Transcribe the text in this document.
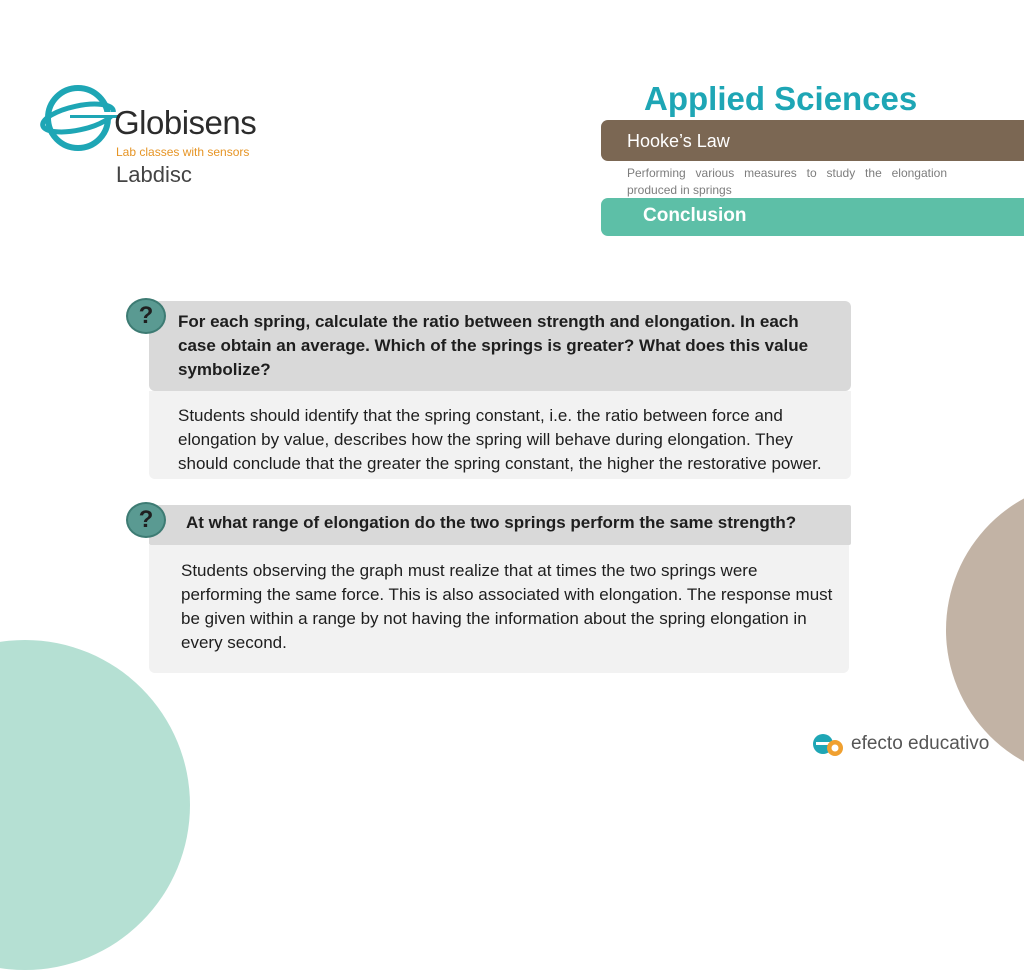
Globisens
Lab classes with sensors
Labdisc
Applied Sciences
Hooke’s Law
Performing various measures to study the elongation produced in springs
Conclusion
?	For each spring, calculate the ratio between strength and elongation. In each case obtain an average. Which of the springs is greater? What does this value symbolize?
Students should identify that the spring constant, i.e. the ratio between force and elongation by value, describes how the spring will behave during elongation. They should conclude that the greater the spring constant, the higher the restorative power.
?	At what range of elongation do the two springs perform the same strength?
Students observing the graph must realize that at times the two springs were performing the same force. This is also associated with elongation. The response must be given within a range by not having the information about the spring elongation in every second.
efecto educativo
